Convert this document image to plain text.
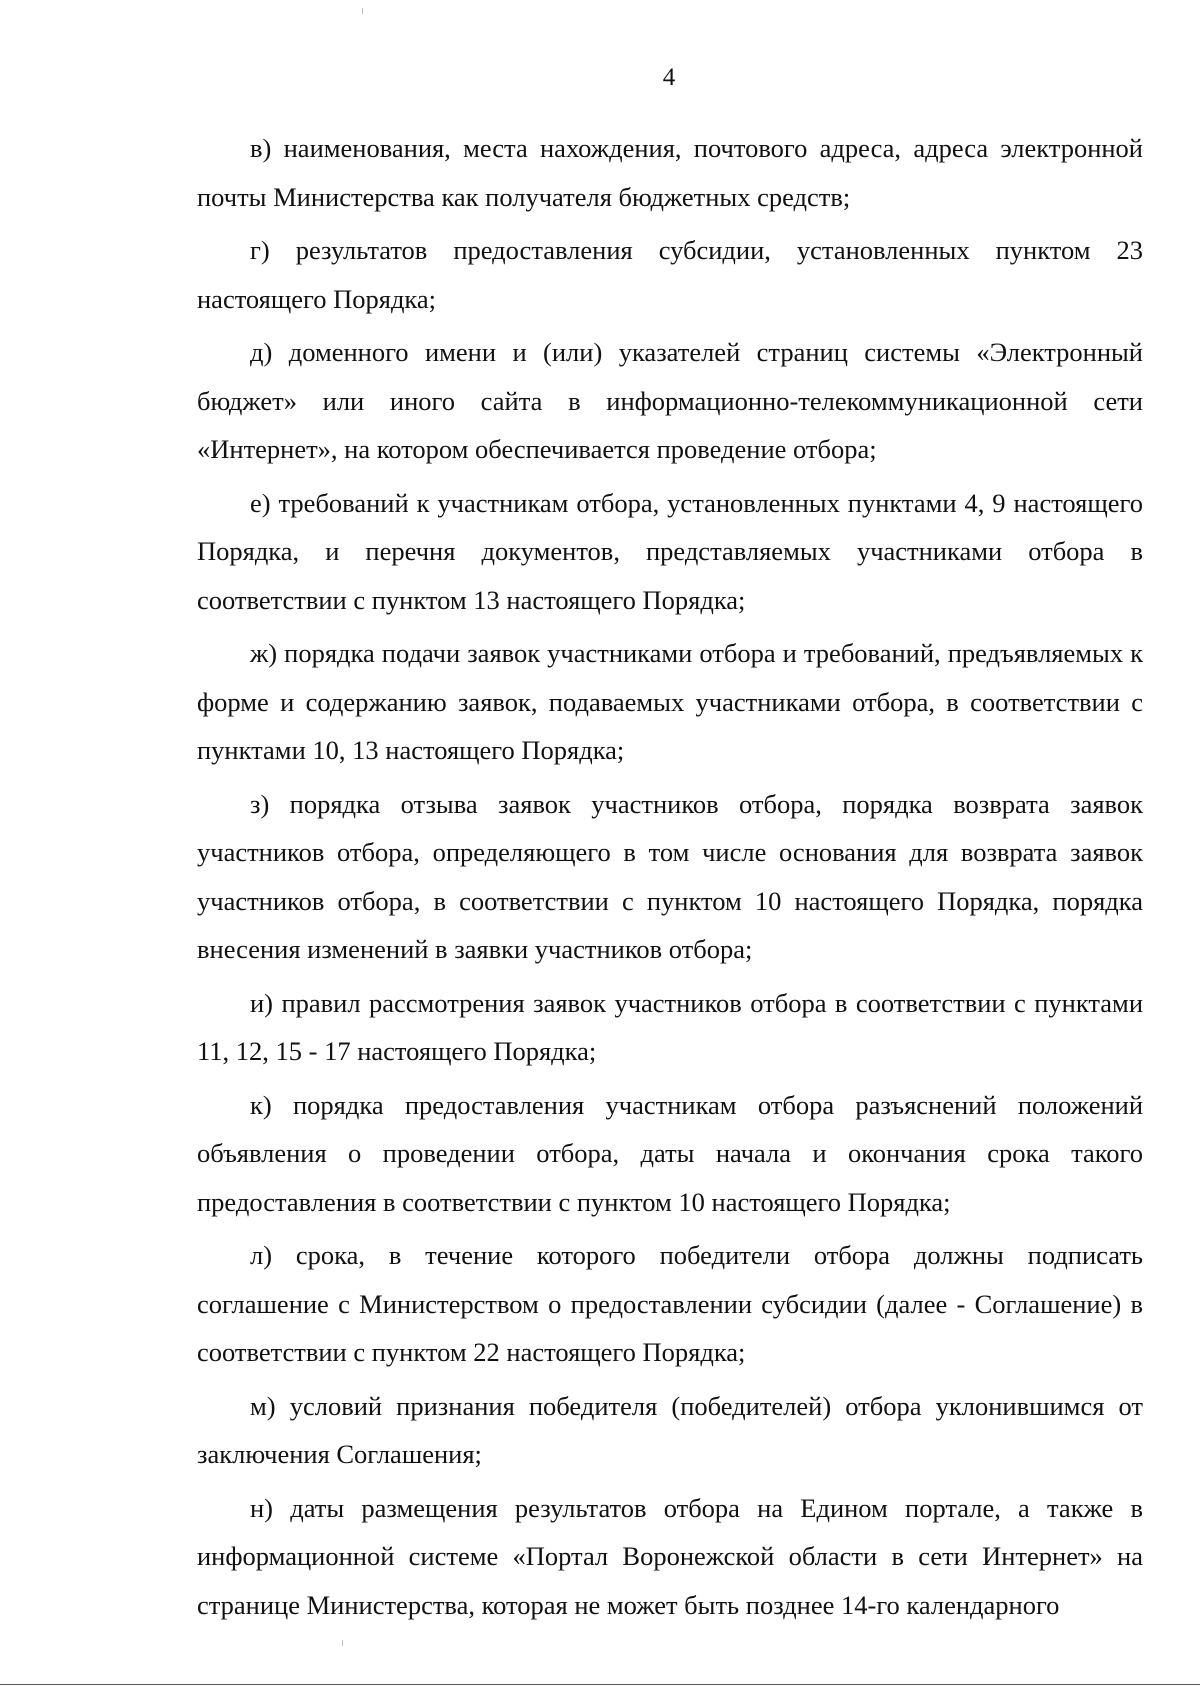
4

в) наименования, места нахождения, почтового адреса, адреса электронной почты Министерства как получателя бюджетных средств;

г) результатов предоставления субсидии, установленных пунктом 23 настоящего Порядка;

д) доменного имени и (или) указателей страниц системы «Электронный бюджет» или иного сайта в информационно-телекоммуникационной сети «Интернет», на котором обеспечивается проведение отбора;

е) требований к участникам отбора, установленных пунктами 4, 9 настоящего Порядка, и перечня документов, представляемых участниками отбора в соответствии с пунктом 13 настоящего Порядка;

ж) порядка подачи заявок участниками отбора и требований, предъявляемых к форме и содержанию заявок, подаваемых участниками отбора, в соответствии с пунктами 10, 13 настоящего Порядка;

з) порядка отзыва заявок участников отбора, порядка возврата заявок участников отбора, определяющего в том числе основания для возврата заявок участников отбора, в соответствии с пунктом 10 настоящего Порядка, порядка внесения изменений в заявки участников отбора;

и) правил рассмотрения заявок участников отбора в соответствии с пунктами 11, 12, 15 - 17 настоящего Порядка;

к) порядка предоставления участникам отбора разъяснений положений объявления о проведении отбора, даты начала и окончания срока такого предоставления в соответствии с пунктом 10 настоящего Порядка;

л) срока, в течение которого победители отбора должны подписать соглашение с Министерством о предоставлении субсидии (далее - Соглашение) в соответствии с пунктом 22 настоящего Порядка;

м) условий признания победителя (победителей) отбора уклонившимся от заключения Соглашения;

н) даты размещения результатов отбора на Едином портале, а также в информационной системе «Портал Воронежской области в сети Интернет» на странице Министерства, которая не может быть позднее 14-го календарного
